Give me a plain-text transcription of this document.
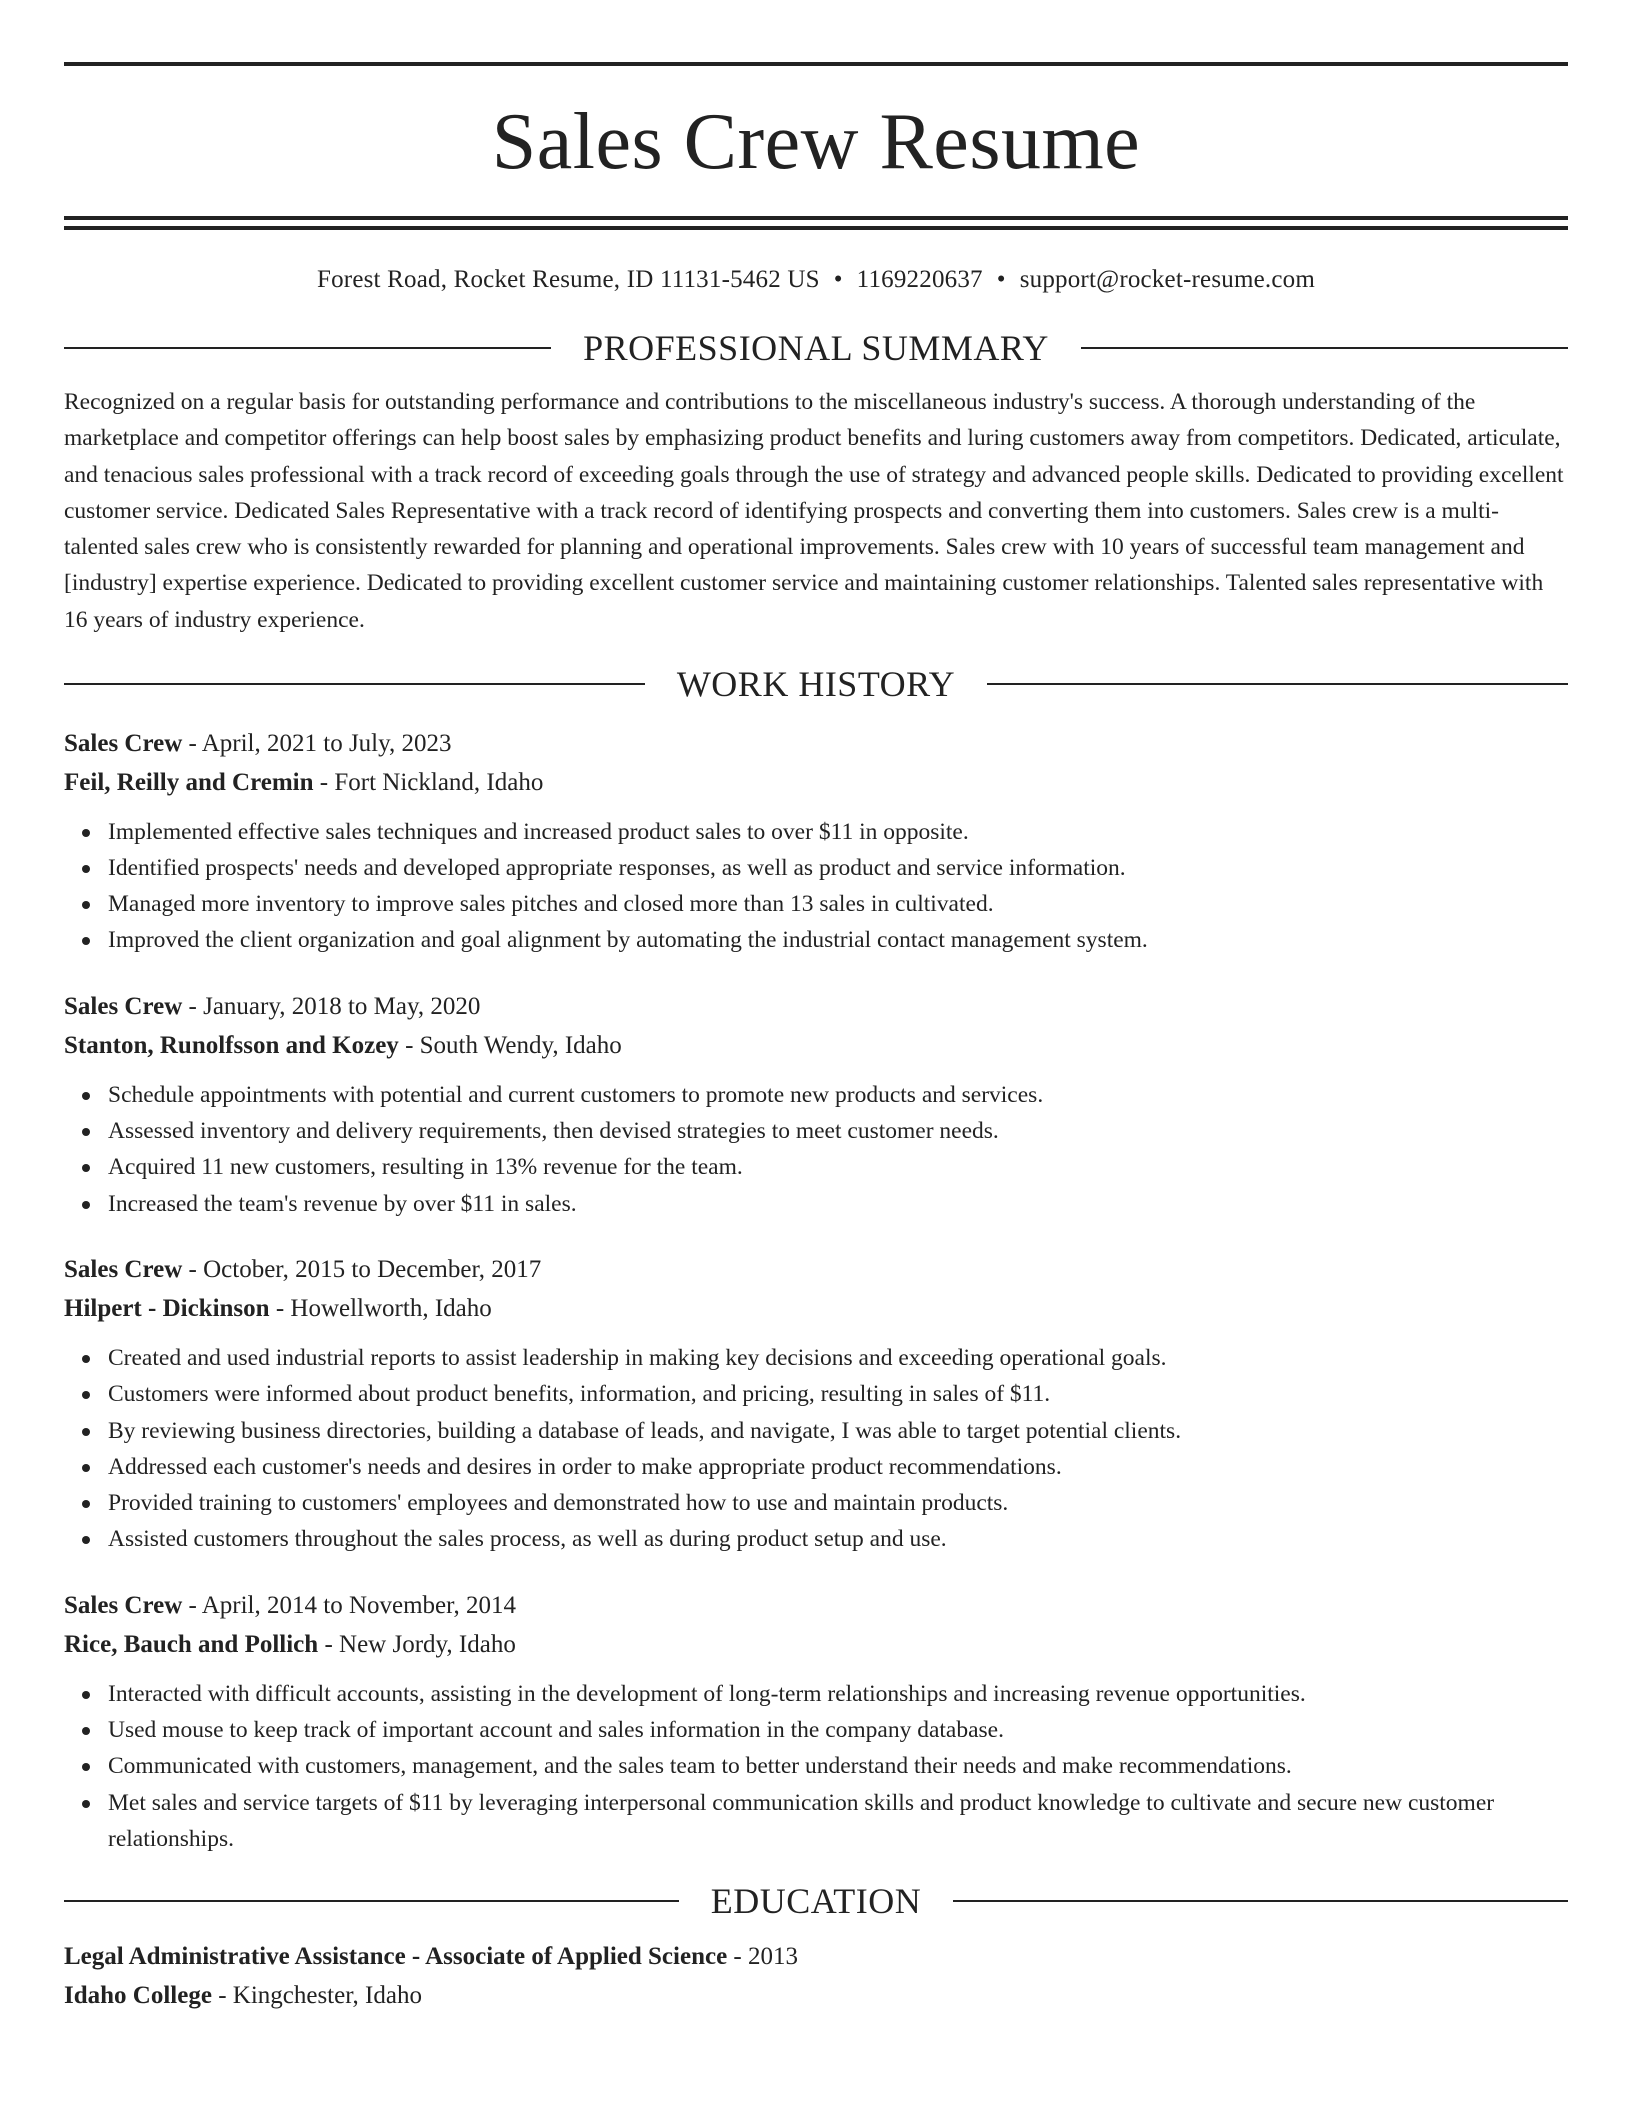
Sales Crew Resume
Forest Road, Rocket Resume, ID 11131-5462 US • 1169220637 • support@rocket-resume.com
PROFESSIONAL SUMMARY

Recognized on a regular basis for outstanding performance and contributions to the miscellaneous industry's success. A thorough understanding of the marketplace and competitor offerings can help boost sales by emphasizing product benefits and luring customers away from competitors. Dedicated, articulate, and tenacious sales professional with a track record of exceeding goals through the use of strategy and advanced people skills. Dedicated to providing excellent customer service. Dedicated Sales Representative with a track record of identifying prospects and converting them into customers. Sales crew is a multi-talented sales crew who is consistently rewarded for planning and operational improvements. Sales crew with 10 years of successful team management and [industry] expertise experience. Dedicated to providing excellent customer service and maintaining customer relationships. Talented sales representative with 16 years of industry experience.

WORK HISTORY
Sales Crew - April, 2021 to July, 2023
Feil, Reilly and Cremin - Fort Nickland, Idaho
Implemented effective sales techniques and increased product sales to over $11 in opposite.
Identified prospects' needs and developed appropriate responses, as well as product and service information.
Managed more inventory to improve sales pitches and closed more than 13 sales in cultivated.
Improved the client organization and goal alignment by automating the industrial contact management system.
Sales Crew - January, 2018 to May, 2020
Stanton, Runolfsson and Kozey - South Wendy, Idaho
Schedule appointments with potential and current customers to promote new products and services.
Assessed inventory and delivery requirements, then devised strategies to meet customer needs.
Acquired 11 new customers, resulting in 13% revenue for the team.
Increased the team's revenue by over $11 in sales.
Sales Crew - October, 2015 to December, 2017
Hilpert - Dickinson - Howellworth, Idaho
Created and used industrial reports to assist leadership in making key decisions and exceeding operational goals.
Customers were informed about product benefits, information, and pricing, resulting in sales of $11.
By reviewing business directories, building a database of leads, and navigate, I was able to target potential clients.
Addressed each customer's needs and desires in order to make appropriate product recommendations.
Provided training to customers' employees and demonstrated how to use and maintain products.
Assisted customers throughout the sales process, as well as during product setup and use.
Sales Crew - April, 2014 to November, 2014
Rice, Bauch and Pollich - New Jordy, Idaho
Interacted with difficult accounts, assisting in the development of long-term relationships and increasing revenue opportunities.
Used mouse to keep track of important account and sales information in the company database.
Communicated with customers, management, and the sales team to better understand their needs and make recommendations.
Met sales and service targets of $11 by leveraging interpersonal communication skills and product knowledge to cultivate and secure new customer relationships.
EDUCATION
Legal Administrative Assistance - Associate of Applied Science - 2013
Idaho College - Kingchester, Idaho
